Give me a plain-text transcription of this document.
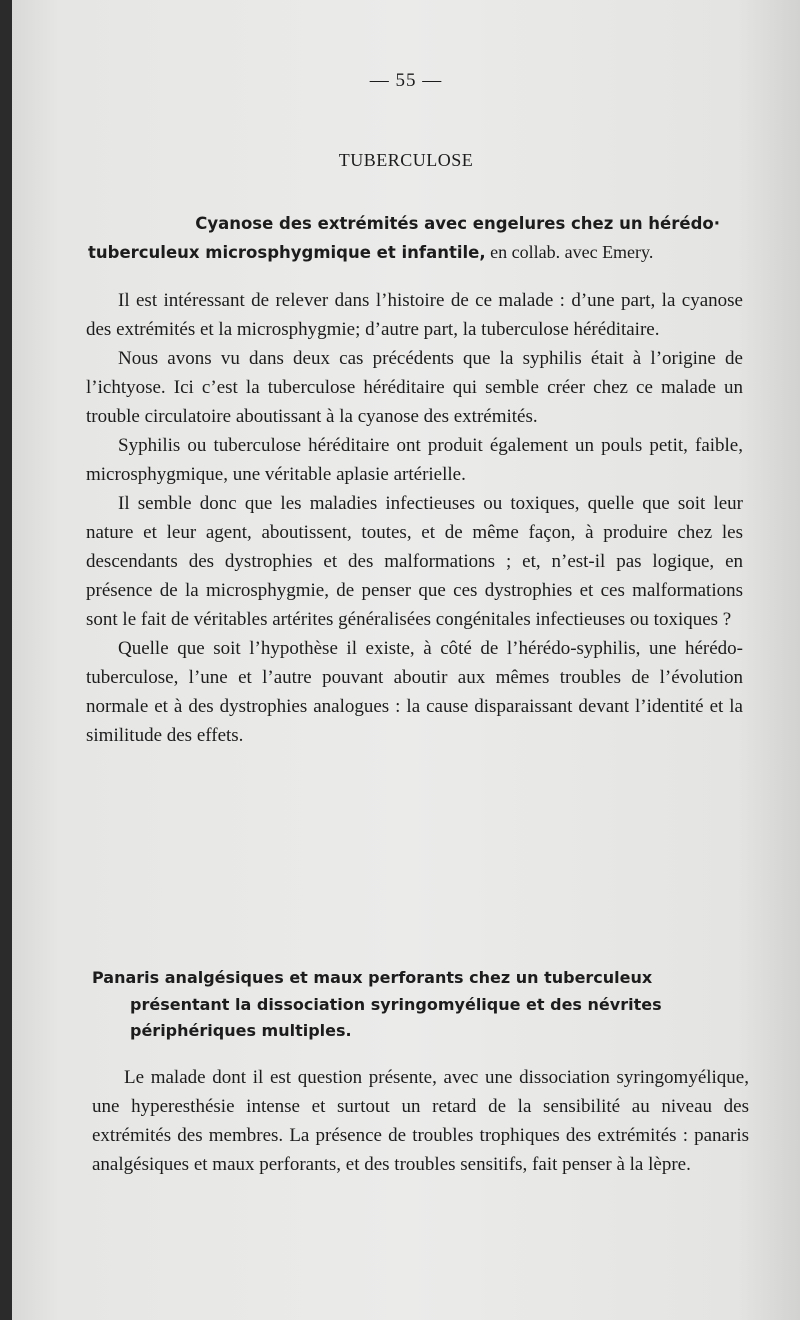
— 55 —
TUBERCULOSE
Cyanose des extrémités avec engelures chez un hérédo·
tuberculeux microsphygmique et infantile, en collab. avec Emery.

Il est intéressant de relever dans l’histoire de ce malade : d’une part, la cyanose des extrémités et la microsphygmie; d’autre part, la tuberculose héréditaire.

Nous avons vu dans deux cas précédents que la syphilis était à l’origine de l’ichtyose. Ici c’est la tuberculose héréditaire qui semble créer chez ce malade un trouble circulatoire aboutissant à la cyanose des extrémités.

Syphilis ou tuberculose héréditaire ont produit également un pouls petit, faible, microsphygmique, une véritable aplasie artérielle.

Il semble donc que les maladies infectieuses ou toxiques, quelle que soit leur nature et leur agent, aboutissent, toutes, et de même façon, à produire chez les descendants des dystrophies et des malformations ; et, n’est-il pas logique, en présence de la microsphygmie, de penser que ces dystrophies et ces malformations sont le fait de véritables artérites généralisées congénitales infectieuses ou toxiques ?

Quelle que soit l’hypothèse il existe, à côté de l’hérédo-syphilis, une hérédo-tuberculose, l’une et l’autre pouvant aboutir aux mêmes troubles de l’évolution normale et à des dystrophies analogues : la cause disparaissant devant l’identité et la similitude des effets.

Panaris analgésiques et maux perforants chez un tuberculeux
présentant la dissociation syringomyélique et des névrites
périphériques multiples.

Le malade dont il est question présente, avec une dissociation syringomyélique, une hyperesthésie intense et surtout un retard de la sensibilité au niveau des extrémités des membres. La présence de troubles trophiques des extrémités : panaris analgésiques et maux perforants, et des troubles sensitifs, fait penser à la lèpre.
